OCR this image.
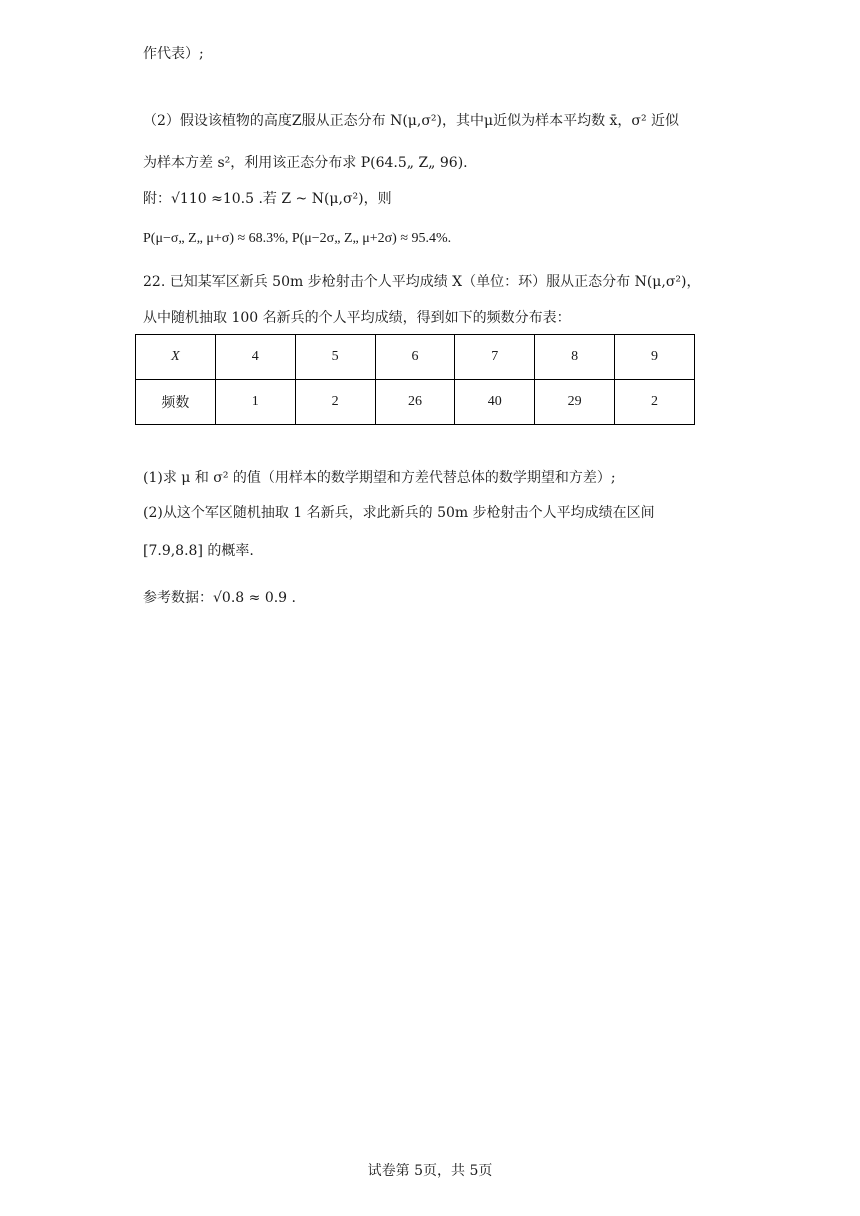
作代表）;
（2）假设该植物的高度Z服从正态分布 N(μ,σ²)，其中μ近似为样本平均数 x̄，σ² 近似
为样本方差 s²，利用该正态分布求 P(64.5„ Z„ 96).
附：√110 ≈10.5 .若 Z ~ N(μ,σ²)，则
P(μ−σ„ Z„ μ+σ) ≈ 68.3%, P(μ−2σ„ Z„ μ+2σ) ≈ 95.4%.
22. 已知某军区新兵 50m 步枪射击个人平均成绩 X（单位：环）服从正态分布 N(μ,σ²)，
从中随机抽取 100 名新兵的个人平均成绩，得到如下的频数分布表：
X	4	5	6	7	8	9
频数	1	2	26	40	29	2
(1)求 μ 和 σ² 的值（用样本的数学期望和方差代替总体的数学期望和方差）;
(2)从这个军区随机抽取 1 名新兵，求此新兵的 50m 步枪射击个人平均成绩在区间
[7.9,8.8] 的概率.
参考数据：√0.8 ≈ 0.9 .
试卷第 5页，共 5页
